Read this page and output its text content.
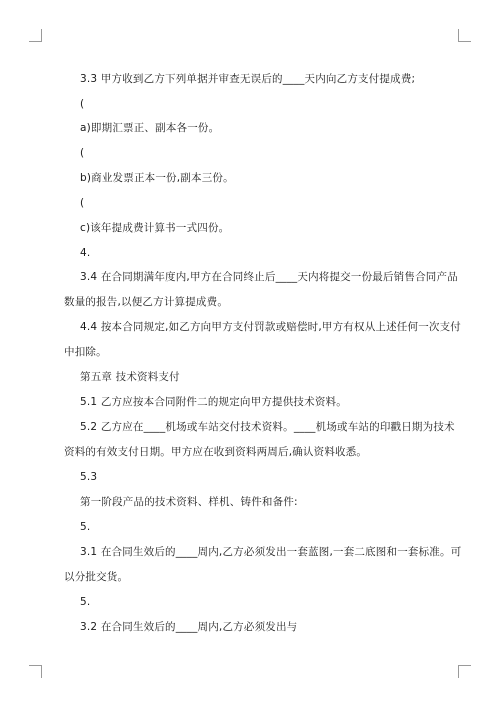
3.3 甲方收到乙方下列单据并审查无误后的____天内向乙方支付提成费;
(
a)即期汇票正、副本各一份。
(
b)商业发票正本一份,副本三份。
(
c)该年提成费计算书一式四份。
4.
3.4 在合同期满年度内,甲方在合同终止后____天内将提交一份最后销售合同产品
数量的报告,以便乙方计算提成费。
4.4 按本合同规定,如乙方向甲方支付罚款或赔偿时,甲方有权从上述任何一次支付
中扣除。
第五章 技术资料支付
5.1 乙方应按本合同附件二的规定向甲方提供技术资料。
5.2 乙方应在____机场或车站交付技术资料。____机场或车站的印戳日期为技术
资料的有效支付日期。甲方应在收到资料两周后,确认资料收悉。
5.3
第一阶段产品的技术资料、样机、铸件和备件:
5.
3.1 在合同生效后的____周内,乙方必须发出一套蓝图,一套二底图和一套标准。可
以分批交货。
5.
3.2 在合同生效后的____周内,乙方必须发出与
